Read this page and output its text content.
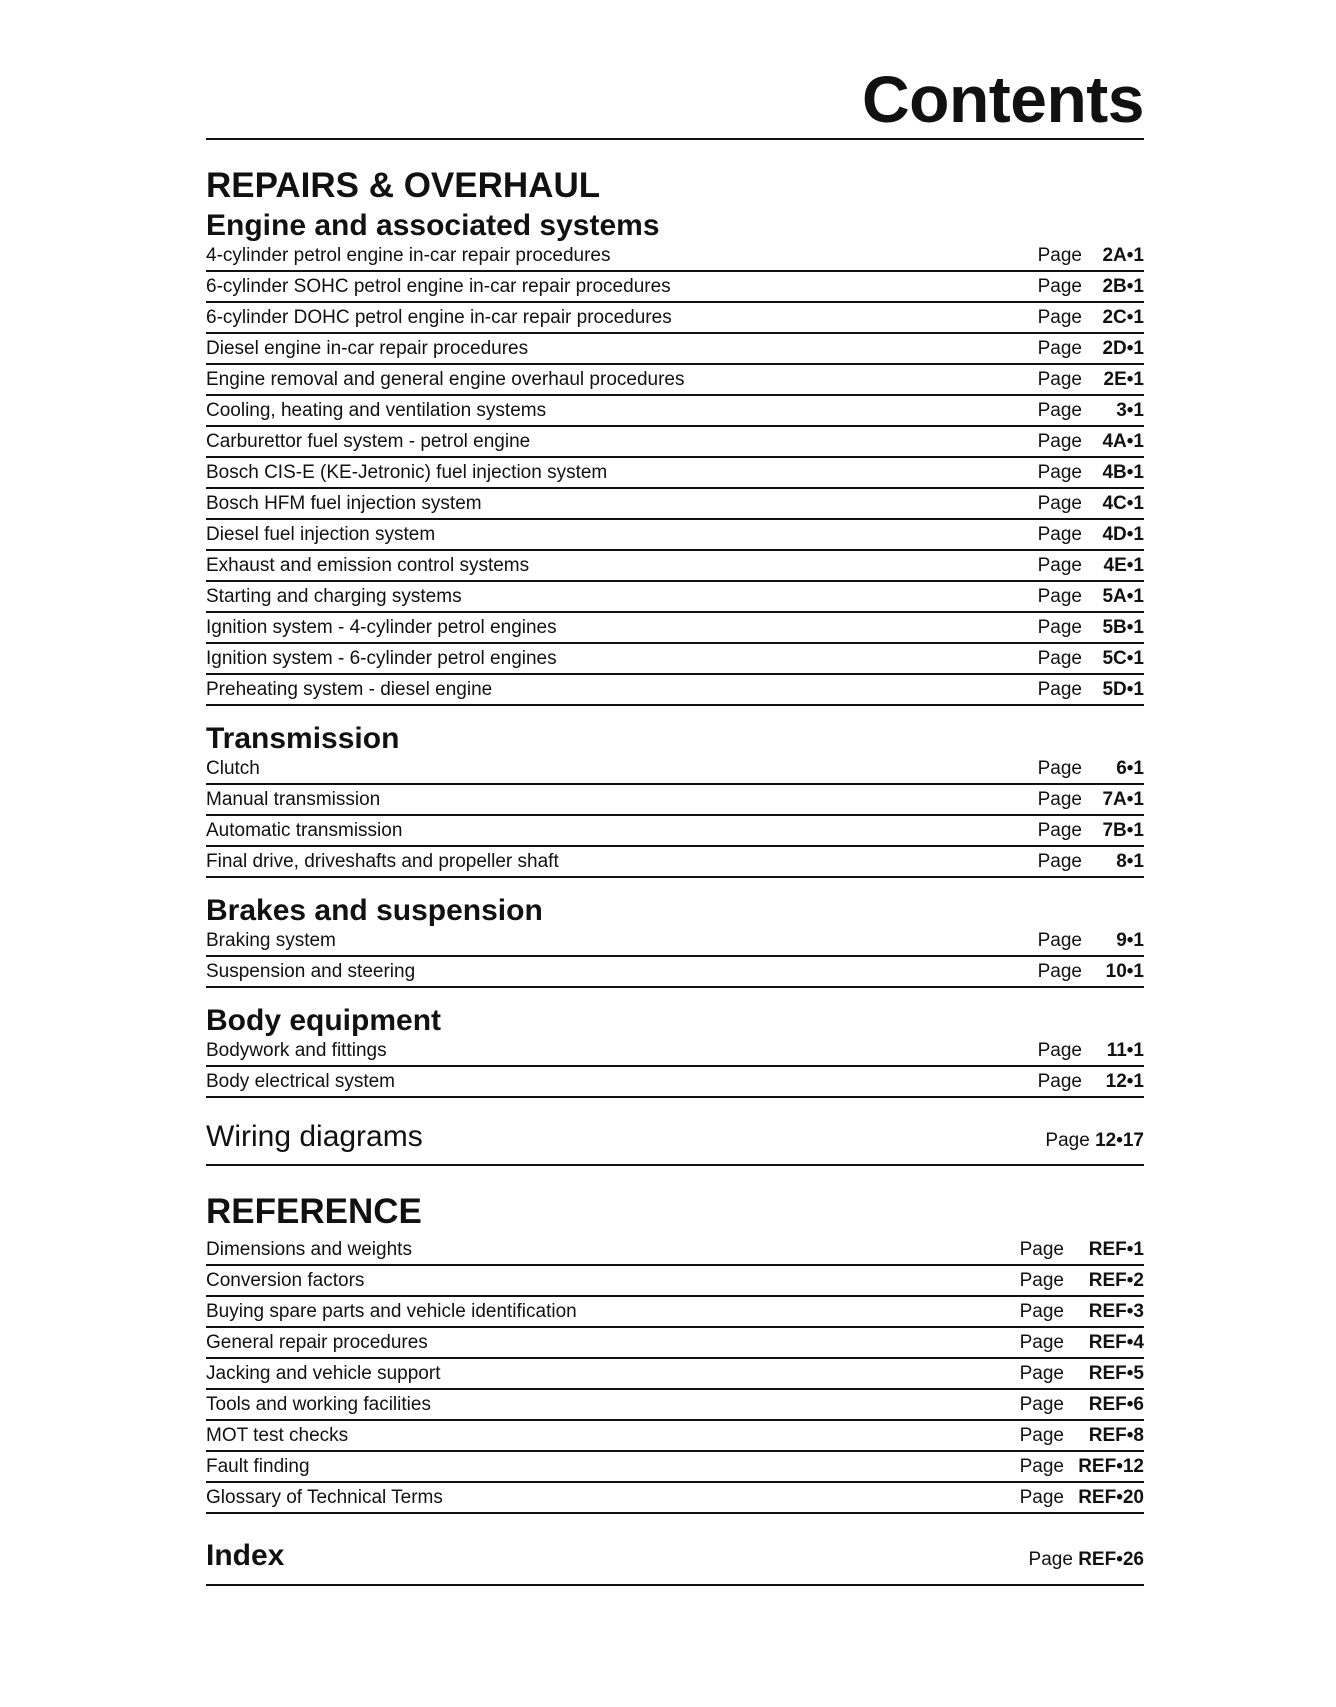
Contents
REPAIRS & OVERHAUL
Engine and associated systems
4-cylinder petrol engine in-car repair procedures	Page	2A•1
6-cylinder SOHC petrol engine in-car repair procedures	Page	2B•1
6-cylinder DOHC petrol engine in-car repair procedures	Page	2C•1
Diesel engine in-car repair procedures	Page	2D•1
Engine removal and general engine overhaul procedures	Page	2E•1
Cooling, heating and ventilation systems	Page	3•1
Carburettor fuel system - petrol engine	Page	4A•1
Bosch CIS-E (KE-Jetronic) fuel injection system	Page	4B•1
Bosch HFM fuel injection system	Page	4C•1
Diesel fuel injection system	Page	4D•1
Exhaust and emission control systems	Page	4E•1
Starting and charging systems	Page	5A•1
Ignition system - 4-cylinder petrol engines	Page	5B•1
Ignition system - 6-cylinder petrol engines	Page	5C•1
Preheating system - diesel engine	Page	5D•1
Transmission
Clutch	Page	6•1
Manual transmission	Page	7A•1
Automatic transmission	Page	7B•1
Final drive, driveshafts and propeller shaft	Page	8•1
Brakes and suspension
Braking system	Page	9•1
Suspension and steering	Page	10•1
Body equipment
Bodywork and fittings	Page	11•1
Body electrical system	Page	12•1
Wiring diagrams	Page 12•17
REFERENCE
Dimensions and weights	Page	REF•1
Conversion factors	Page	REF•2
Buying spare parts and vehicle identification	Page	REF•3
General repair procedures	Page	REF•4
Jacking and vehicle support	Page	REF•5
Tools and working facilities	Page	REF•6
MOT test checks	Page	REF•8
Fault finding	Page REF•12
Glossary of Technical Terms	Page REF•20
Index	Page REF•26
